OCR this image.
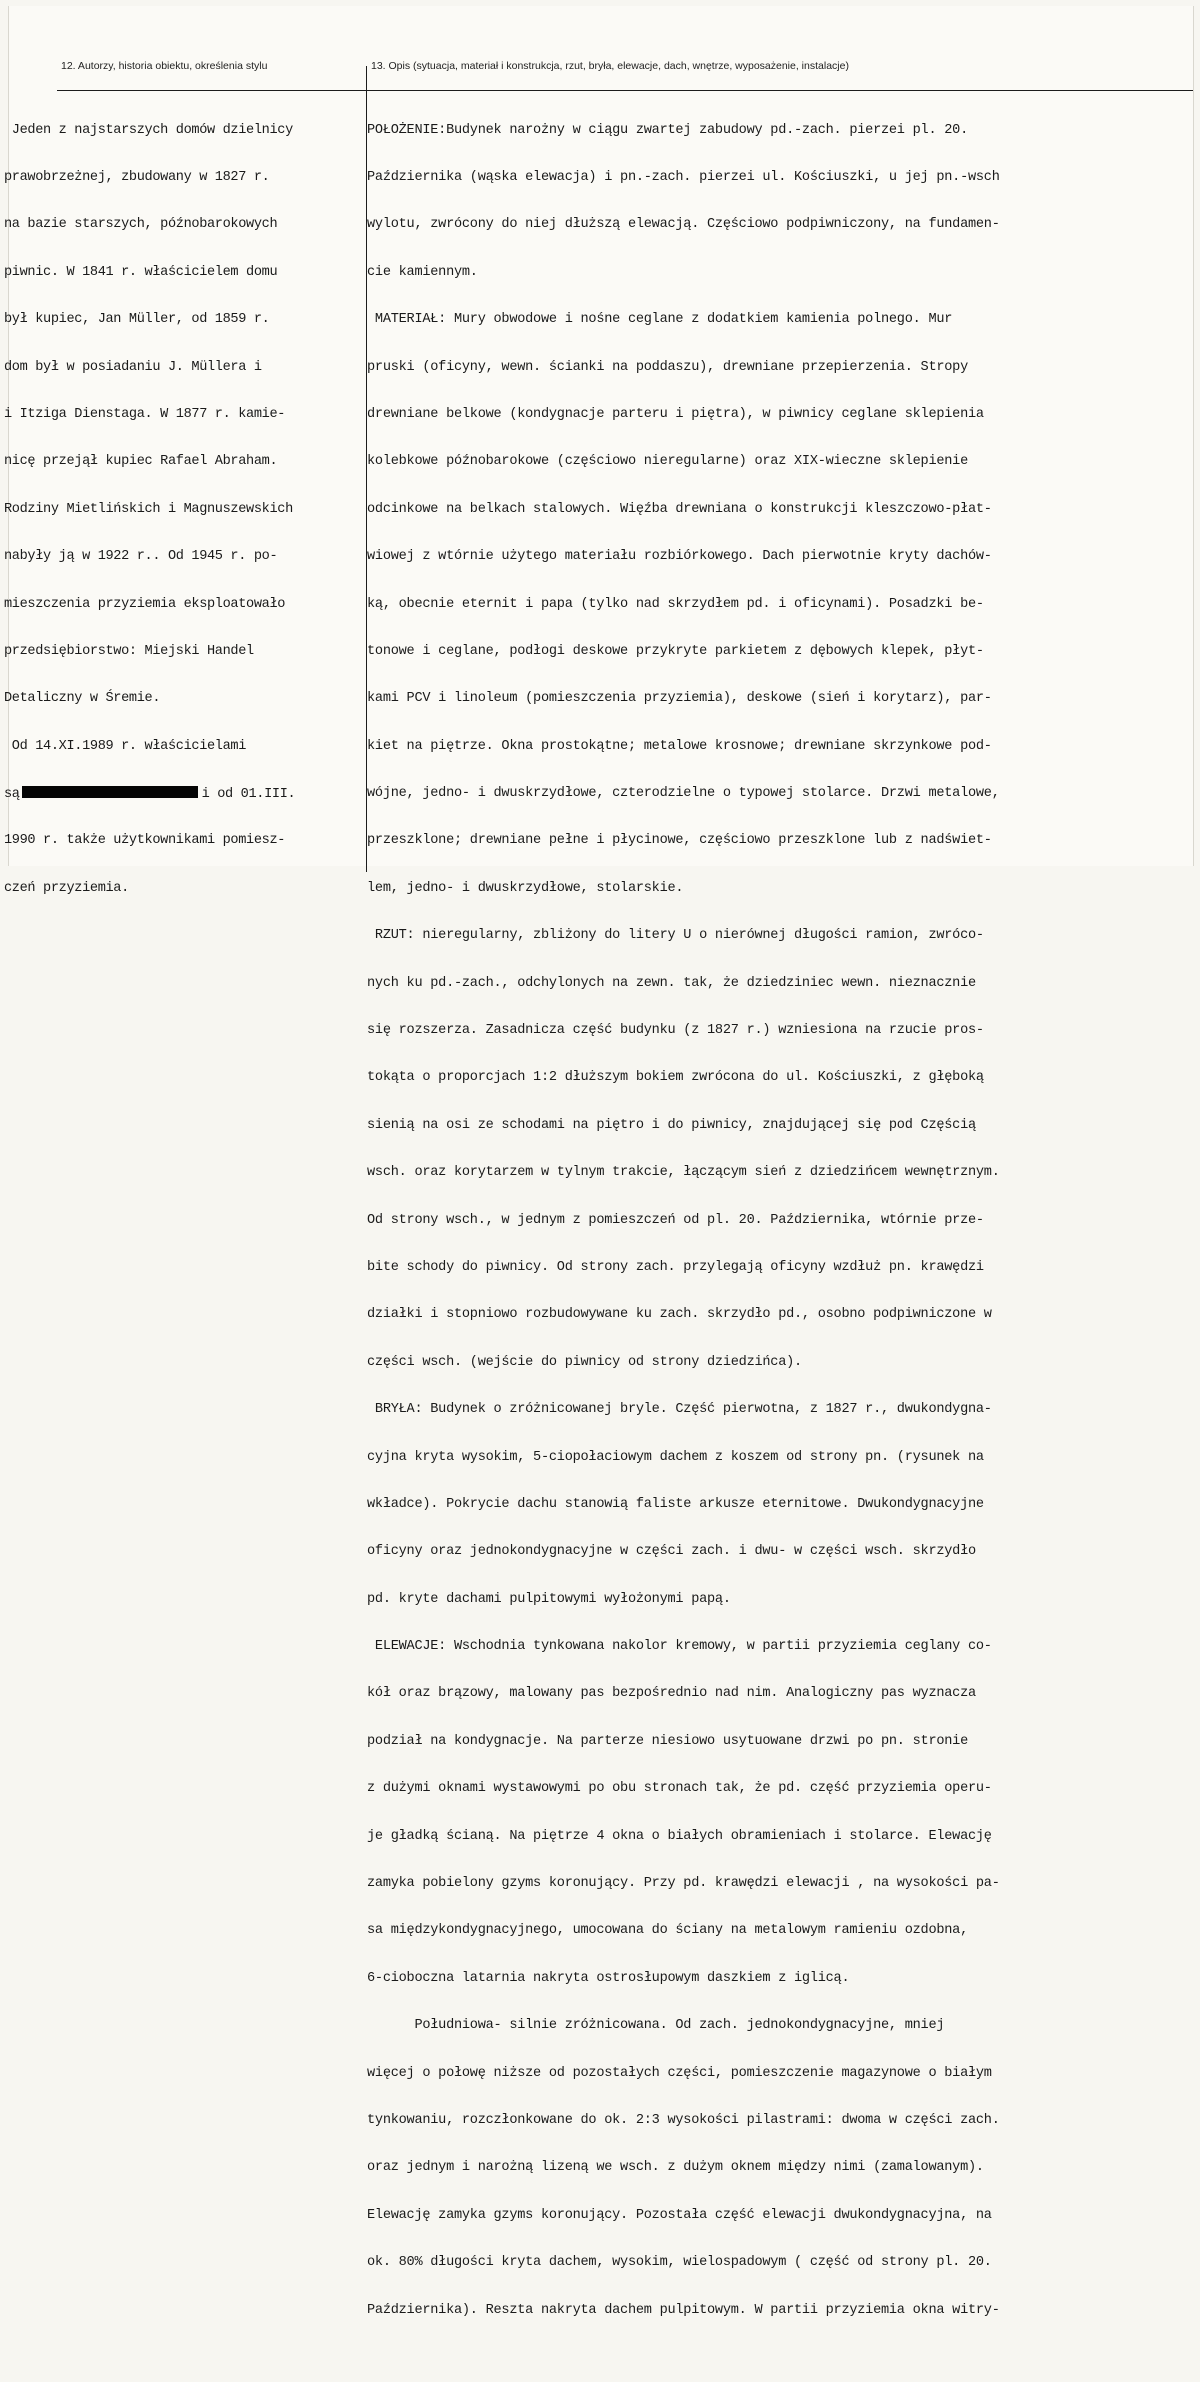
12. Autorzy, historia obiektu, określenia stylu	13. Opis (sytuacja, materiał i konstrukcja, rzut, bryła, elewacje, dach, wnętrze, wyposażenie, instalacje)

Jeden z najstarszych domów dzielnicy

prawobrzeżnej, zbudowany w 1827 r.

na bazie starszych, późnobarokowych

piwnic. W 1841 r. właścicielem domu

był kupiec, Jan Müller, od 1859 r.

dom był w posiadaniu J. Müllera i

i Itziga Dienstaga. W 1877 r. kamie-

nicę przejął kupiec Rafael Abraham.

Rodziny Mietlińskich i Magnuszewskich

nabyły ją w 1922 r.. Od 1945 r. po-

mieszczenia przyziemia eksploatowało

przedsiębiorstwo: Miejski Handel

Detaliczny w Śremie.

Od 14.XI.1989 r. właścicielami

są	i od 01.III.

1990 r. także użytkownikami pomiesz-

czeń przyziemia.

POŁOŻENIE:Budynek narożny w ciągu zwartej zabudowy pd.-zach. pierzei pl. 20.

Października (wąska elewacja) i pn.-zach. pierzei ul. Kościuszki, u jej pn.-wsch

wylotu, zwrócony do niej dłuższą elewacją. Częściowo podpiwniczony, na fundamen-

cie kamiennym.

MATERIAŁ: Mury obwodowe i nośne ceglane z dodatkiem kamienia polnego. Mur

pruski (oficyny, wewn. ścianki na poddaszu), drewniane przepierzenia. Stropy

drewniane belkowe (kondygnacje parteru i piętra), w piwnicy ceglane sklepienia

kolebkowe późnobarokowe (częściowo nieregularne) oraz XIX-wieczne sklepienie

odcinkowe na belkach stalowych. Więźba drewniana o konstrukcji kleszczowo-płat-

wiowej z wtórnie użytego materiału rozbiórkowego. Dach pierwotnie kryty dachów-

ką, obecnie eternit i papa (tylko nad skrzydłem pd. i oficynami). Posadzki be-

tonowe i ceglane, podłogi deskowe przykryte parkietem z dębowych klepek, płyt-

kami PCV i linoleum (pomieszczenia przyziemia), deskowe (sień i korytarz), par-

kiet na piętrze. Okna prostokątne; metalowe krosnowe; drewniane skrzynkowe pod-

wójne, jedno- i dwuskrzydłowe, czterodzielne o typowej stolarce. Drzwi metalowe,

przeszklone; drewniane pełne i płycinowe, częściowo przeszklone lub z nadświet-

lem, jedno- i dwuskrzydłowe, stolarskie.

RZUT: nieregularny, zbliżony do litery U o nierównej długości ramion, zwróco-

nych ku pd.-zach., odchylonych na zewn. tak, że dziedziniec wewn. nieznacznie

się rozszerza. Zasadnicza część budynku (z 1827 r.) wzniesiona na rzucie pros-

tokąta o proporcjach 1:2 dłuższym bokiem zwrócona do ul. Kościuszki, z głęboką

sienią na osi ze schodami na piętro i do piwnicy, znajdującej się pod Częścią

wsch. oraz korytarzem w tylnym trakcie, łączącym sień z dziedzińcem wewnętrznym.

Od strony wsch., w jednym z pomieszczeń od pl. 20. Października, wtórnie prze-

bite schody do piwnicy. Od strony zach. przylegają oficyny wzdłuż pn. krawędzi

działki i stopniowo rozbudowywane ku zach. skrzydło pd., osobno podpiwniczone w

części wsch. (wejście do piwnicy od strony dziedzińca).

BRYŁA: Budynek o zróżnicowanej bryle. Część pierwotna, z 1827 r., dwukondygna-

cyjna kryta wysokim, 5-ciopołaciowym dachem z koszem od strony pn. (rysunek na

wkładce). Pokrycie dachu stanowią faliste arkusze eternitowe. Dwukondygnacyjne

oficyny oraz jednokondygnacyjne w części zach. i dwu- w części wsch. skrzydło

pd. kryte dachami pulpitowymi wyłożonymi papą.

ELEWACJE: Wschodnia tynkowana nakolor kremowy, w partii przyziemia ceglany co-

kół oraz brązowy, malowany pas bezpośrednio nad nim. Analogiczny pas wyznacza

podział na kondygnacje. Na parterze niesiowo usytuowane drzwi po pn. stronie

z dużymi oknami wystawowymi po obu stronach tak, że pd. część przyziemia operu-

je gładką ścianą. Na piętrze 4 okna o białych obramieniach i stolarce. Elewację

zamyka pobielony gzyms koronujący. Przy pd. krawędzi elewacji , na wysokości pa-

sa międzykondygnacyjnego, umocowana do ściany na metalowym ramieniu ozdobna,

6-cioboczna latarnia nakryta ostrosłupowym daszkiem z iglicą.

Południowa- silnie zróżnicowana. Od zach. jednokondygnacyjne, mniej

więcej o połowę niższe od pozostałych części, pomieszczenie magazynowe o białym

tynkowaniu, rozczłonkowane do ok. 2:3 wysokości pilastrami: dwoma w części zach.

oraz jednym i narożną lizeną we wsch. z dużym oknem między nimi (zamalowanym).

Elewację zamyka gzyms koronujący. Pozostała część elewacji dwukondygnacyjna, na

ok. 80% długości kryta dachem, wysokim, wielospadowym ( część od strony pl. 20.

Października). Reszta nakryta dachem pulpitowym. W partii przyziemia okna witry-
